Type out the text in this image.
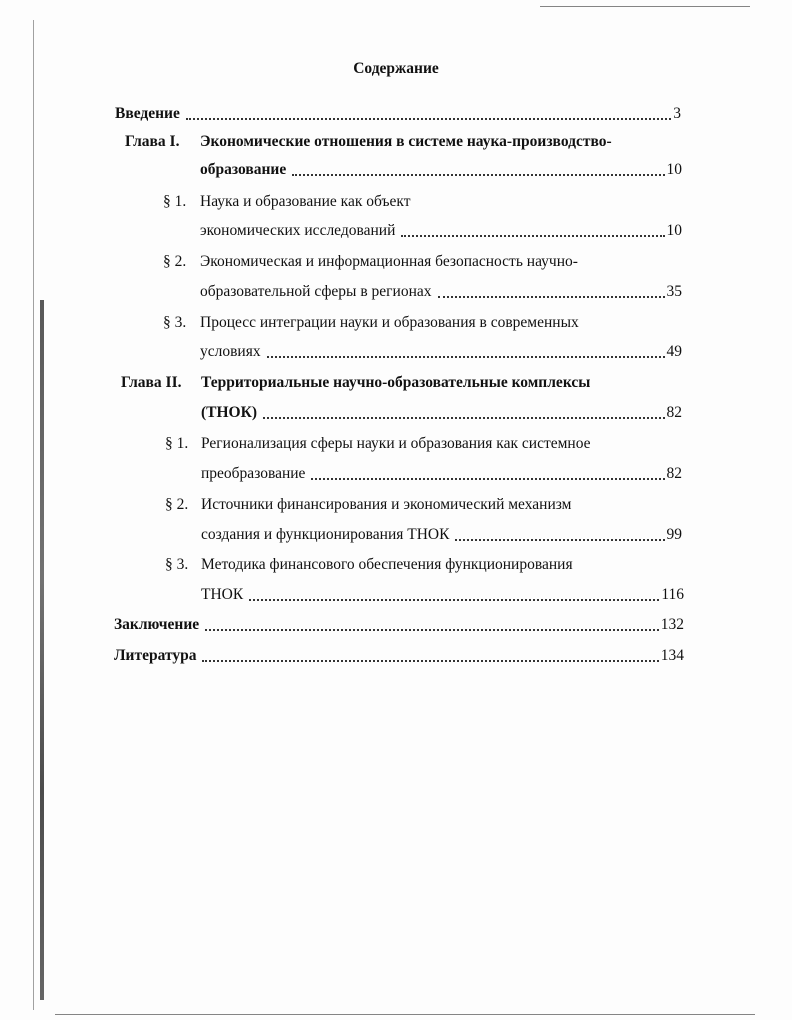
Содержание
Введение	3
Глава I. Экономические отношения в системе наука-производство-
образование	10
§ 1. Наука и образование как объект
экономических исследований	10
§ 2. Экономическая и информационная безопасность научно-
образовательной сферы в регионах	35
§ 3. Процесс интеграции науки и образования в современных
условиях	49
Глава II. Территориальные научно-образовательные комплексы
(ТНОК)	82
§ 1. Регионализация сферы науки и образования как системное
преобразование	82
§ 2. Источники финансирования и экономический механизм
создания и функционирования ТНОК	99
§ 3. Методика финансового обеспечения функционирования
ТНОК	116
Заключение	132
Литература	134
